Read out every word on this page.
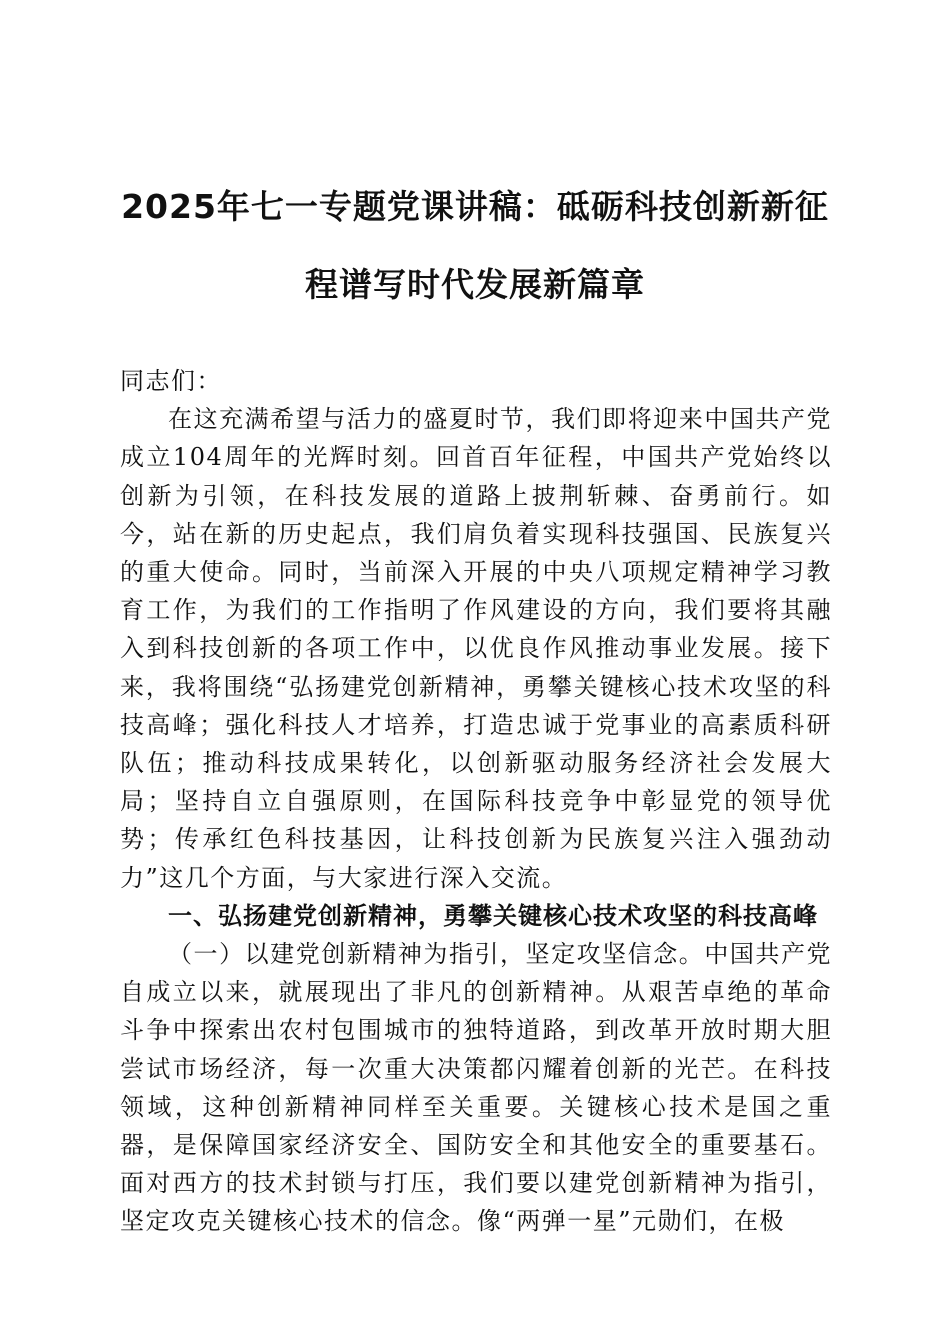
2025年七一专题党课讲稿：砥砺科技创新新征程谱写时代发展新篇章

同志们：

在这充满希望与活力的盛夏时节，我们即将迎来中国共产党成立104周年的光辉时刻。回首百年征程，中国共产党始终以创新为引领，在科技发展的道路上披荆斩棘、奋勇前行。如今，站在新的历史起点，我们肩负着实现科技强国、民族复兴的重大使命。同时，当前深入开展的中央八项规定精神学习教育工作，为我们的工作指明了作风建设的方向，我们要将其融入到科技创新的各项工作中，以优良作风推动事业发展。接下来，我将围绕“弘扬建党创新精神，勇攀关键核心技术攻坚的科技高峰；强化科技人才培养，打造忠诚于党事业的高素质科研队伍；推动科技成果转化，以创新驱动服务经济社会发展大局；坚持自立自强原则，在国际科技竞争中彰显党的领导优势；传承红色科技基因，让科技创新为民族复兴注入强劲动力”这几个方面，与大家进行深入交流。

一、弘扬建党创新精神，勇攀关键核心技术攻坚的科技高峰

（一）以建党创新精神为指引，坚定攻坚信念。中国共产党自成立以来，就展现出了非凡的创新精神。从艰苦卓绝的革命斗争中探索出农村包围城市的独特道路，到改革开放时期大胆尝试市场经济，每一次重大决策都闪耀着创新的光芒。在科技领域，这种创新精神同样至关重要。关键核心技术是国之重器，是保障国家经济安全、国防安全和其他安全的重要基石。面对西方的技术封锁与打压，我们要以建党创新精神为指引，坚定攻克关键核心技术的信念。像“两弹一星”元勋们，在极
